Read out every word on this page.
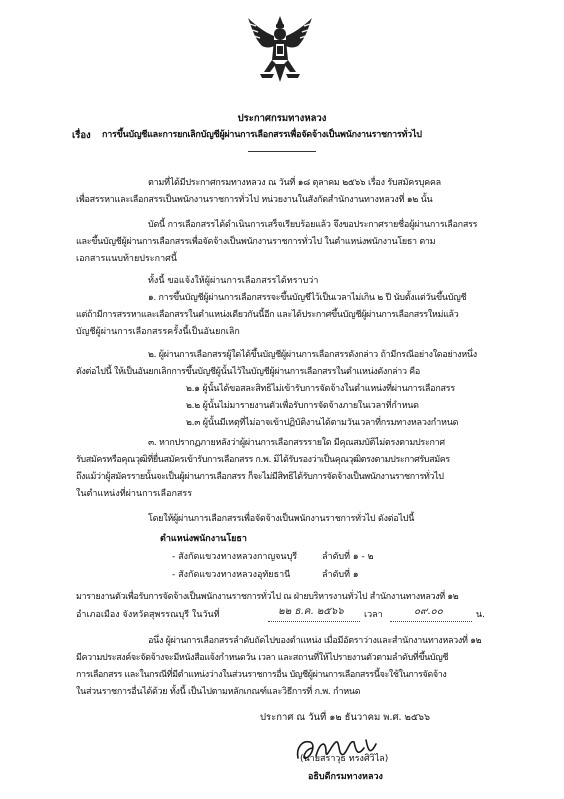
ประกาศกรมทางหลวง
เรื่อง การขึ้นบัญชีและการยกเลิกบัญชีผู้ผ่านการเลือกสรรเพื่อจัดจ้างเป็นพนักงานราชการทั่วไป
ตามที่ได้มีประกาศกรมทางหลวง ณ วันที่ ๑๘ ตุลาคม ๒๕๖๖ เรื่อง รับสมัครบุคคล
เพื่อสรรหาและเลือกสรรเป็นพนักงานราชการทั่วไป หน่วยงานในสังกัดสำนักงานทางหลวงที่ ๑๒ นั้น
บัดนี้ การเลือกสรรได้ดำเนินการเสร็จเรียบร้อยแล้ว จึงขอประกาศรายชื่อผู้ผ่านการเลือกสรร
และขึ้นบัญชีผู้ผ่านการเลือกสรรเพื่อจัดจ้างเป็นพนักงานราชการทั่วไป ในตำแหน่งพนักงานโยธา ตาม
เอกสารแนบท้ายประกาศนี้
ทั้งนี้ ขอแจ้งให้ผู้ผ่านการเลือกสรรได้ทราบว่า
๑. การขึ้นบัญชีผู้ผ่านการเลือกสรรจะขึ้นบัญชีไว้เป็นเวลาไม่เกิน ๒ ปี นับตั้งแต่วันขึ้นบัญชี
แต่ถ้ามีการสรรหาและเลือกสรรในตำแหน่งเดียวกันนี้อีก และได้ประกาศขึ้นบัญชีผู้ผ่านการเลือกสรรใหม่แล้ว
บัญชีผู้ผ่านการเลือกสรรครั้งนี้เป็นอันยกเลิก
๒. ผู้ผ่านการเลือกสรรผู้ใดได้ขึ้นบัญชีผู้ผ่านการเลือกสรรดังกล่าว ถ้ามีกรณีอย่างใดอย่างหนึ่ง
ดังต่อไปนี้ ให้เป็นอันยกเลิกการขึ้นบัญชีผู้นั้นไว้ในบัญชีผู้ผ่านการเลือกสรรในตำแหน่งดังกล่าว คือ
๒.๑ ผู้นั้นได้ขอสละสิทธิไม่เข้ารับการจัดจ้างในตำแหน่งที่ผ่านการเลือกสรร
๒.๒ ผู้นั้นไม่มารายงานตัวเพื่อรับการจัดจ้างภายในเวลาที่กำหนด
๒.๓ ผู้นั้นมีเหตุที่ไม่อาจเข้าปฏิบัติงานได้ตามวันเวลาที่กรมทางหลวงกำหนด
๓. หากปรากฏภายหลังว่าผู้ผ่านการเลือกสรรรายใด มีคุณสมบัติไม่ตรงตามประกาศ
รับสมัครหรือคุณวุฒิที่ยื่นสมัครเข้ารับการเลือกสรร ก.พ. มิได้รับรองว่าเป็นคุณวุฒิตรงตามประกาศรับสมัคร
ถึงแม้ว่าผู้สมัครรายนั้นจะเป็นผู้ผ่านการเลือกสรร ก็จะไม่มีสิทธิได้รับการจัดจ้างเป็นพนักงานราชการทั่วไป
ในตำแหน่งที่ผ่านการเลือกสรร
โดยให้ผู้ผ่านการเลือกสรรเพื่อจัดจ้างเป็นพนักงานราชการทั่วไป ดังต่อไปนี้
ตำแหน่งพนักงานโยธา
- สังกัดแขวงทางหลวงกาญจนบุรี	ลำดับที่ ๑ - ๒
- สังกัดแขวงทางหลวงอุทัยธานี	ลำดับที่ ๑
มารายงานตัวเพื่อรับการจัดจ้างเป็นพนักงานราชการทั่วไป ณ ฝ่ายบริหารงานทั่วไป สำนักงานทางหลวงที่ ๑๒
อำเภอเมือง จังหวัดสุพรรณบุรี ในวันที่	๒๒ ธ.ค. ๒๕๖๖ เวลา	๐๙.๐๐	น.
อนึ่ง ผู้ผ่านการเลือกสรรลำดับถัดไปของตำแหน่ง เมื่อมีอัตราว่างและสำนักงานทางหลวงที่ ๑๒
มีความประสงค์จะจัดจ้างจะมีหนังสือแจ้งกำหนดวัน เวลา และสถานที่ให้ไปรายงานตัวตามลำดับที่ขึ้นบัญชี
การเลือกสรร และในกรณีที่มีตำแหน่งว่างในส่วนราชการอื่น บัญชีผู้ผ่านการเลือกสรรนี้จะใช้ในการจัดจ้าง
ในส่วนราชการอื่นได้ด้วย ทั้งนี้ เป็นไปตามหลักเกณฑ์และวิธีการที่ ก.พ. กำหนด
ประกาศ ณ วันที่ ๑๒ ธันวาคม พ.ศ. ๒๕๖๖
(นายสราวุธ ทรงศิวิไล)
อธิบดีกรมทางหลวง
